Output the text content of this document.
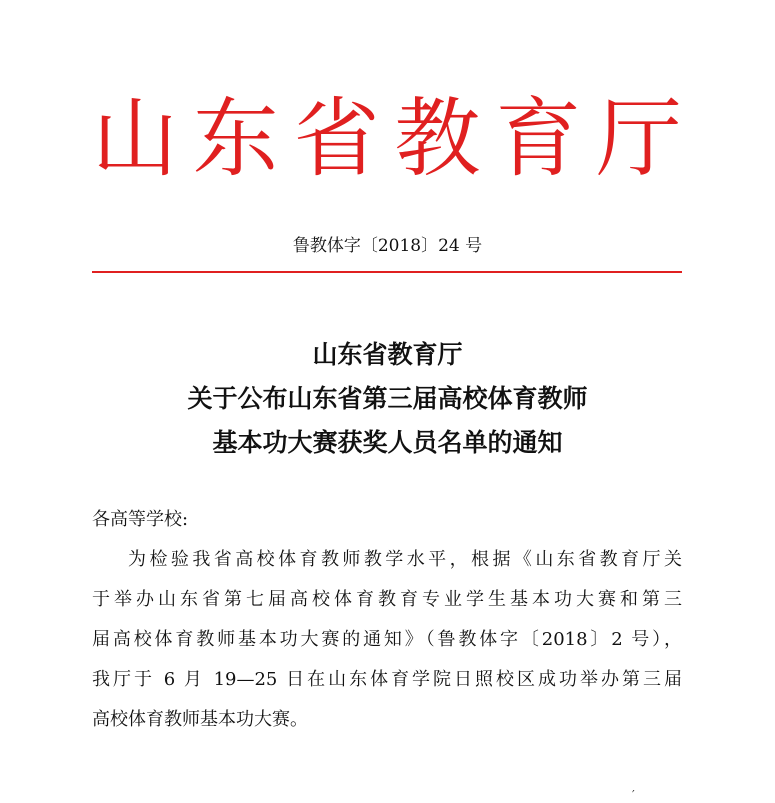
山 东 省 教 育 厅
鲁教体字〔2018〕24 号
山东省教育厅
关于公布山东省第三届高校体育教师
基本功大赛获奖人员名单的通知
各高等学校:
为检验我省高校体育教师教学水平，根据《山东省教育厅关
于举办山东省第七届高校体育教育专业学生基本功大赛和第三
届高校体育教师基本功大赛的通知》（鲁教体字〔2018〕2 号），
我厅于 6 月 19—25 日在山东体育学院日照校区成功举办第三届
高校体育教师基本功大赛。
′
